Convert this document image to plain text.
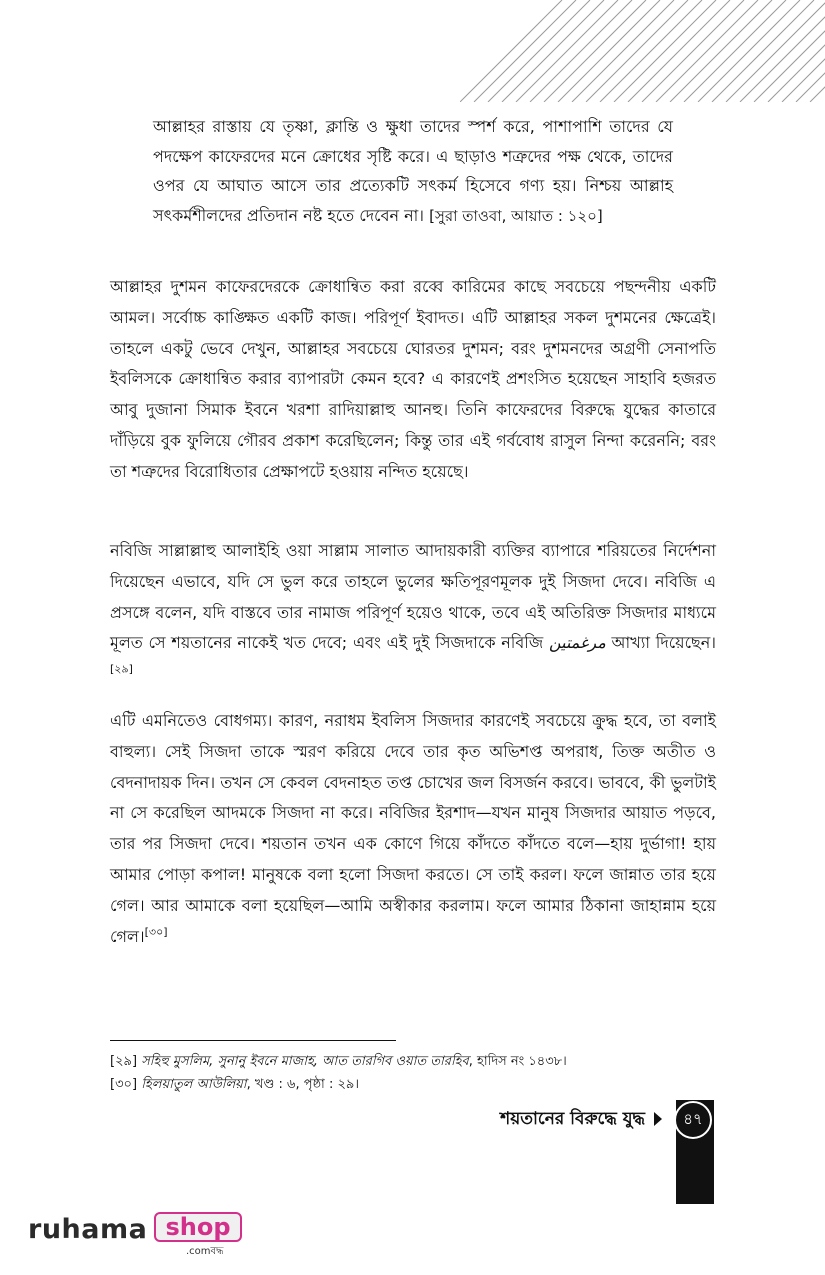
আল্লাহর রাস্তায় যে তৃষ্ণা, ক্লান্তি ও ক্ষুধা তাদের স্পর্শ করে, পাশাপাশি তাদের যে পদক্ষেপ কাফেরদের মনে ক্রোধের সৃষ্টি করে। এ ছাড়াও শত্রুদের পক্ষ থেকে, তাদের ওপর যে আঘাত আসে তার প্রত্যেকটি সৎকর্ম হিসেবে গণ্য হয়। নিশ্চয় আল্লাহ সৎকর্মশীলদের প্রতিদান নষ্ট হতে দেবেন না। [সুরা তাওবা, আয়াত : ১২০]
আল্লাহর দুশমন কাফেরদেরকে ক্রোধান্বিত করা রব্বে কারিমের কাছে সবচেয়ে পছন্দনীয় একটি আমল। সর্বোচ্চ কাঙ্ক্ষিত একটি কাজ। পরিপূর্ণ ইবাদত। এটি আল্লাহর সকল দুশমনের ক্ষেত্রেই। তাহলে একটু ভেবে দেখুন, আল্লাহর সবচেয়ে ঘোরতর দুশমন; বরং দুশমনদের অগ্রণী সেনাপতি ইবলিসকে ক্রোধান্বিত করার ব্যাপারটা কেমন হবে? এ কারণেই প্রশংসিত হয়েছেন সাহাবি হজরত আবু দুজানা সিমাক ইবনে খরশা রাদিয়াল্লাহু আনহু। তিনি কাফেরদের বিরুদ্ধে যুদ্ধের কাতারে দাঁড়িয়ে বুক ফুলিয়ে গৌরব প্রকাশ করেছিলেন; কিন্তু তার এই গর্ববোধ রাসুল নিন্দা করেননি; বরং তা শত্রুদের বিরোধিতার প্রেক্ষাপটে হওয়ায় নন্দিত হয়েছে।
নবিজি সাল্লাল্লাহু আলাইহি ওয়া সাল্লাম সালাত আদায়কারী ব্যক্তির ব্যাপারে শরিয়তের নির্দেশনা দিয়েছেন এভাবে, যদি সে ভুল করে তাহলে ভুলের ক্ষতিপূরণমূলক দুই সিজদা দেবে। নবিজি এ প্রসঙ্গে বলেন, যদি বাস্তবে তার নামাজ পরিপূর্ণ হয়েও থাকে, তবে এই অতিরিক্ত সিজদার মাধ্যমে মূলত সে শয়তানের নাকেই খত দেবে; এবং এই দুই সিজদাকে নবিজি مرغمتين আখ্যা দিয়েছেন।[২৯]
এটি এমনিতেও বোধগম্য। কারণ, নরাধম ইবলিস সিজদার কারণেই সবচেয়ে ক্রুদ্ধ হবে, তা বলাই বাহুল্য। সেই সিজদা তাকে স্মরণ করিয়ে দেবে তার কৃত অভিশপ্ত অপরাধ, তিক্ত অতীত ও বেদনাদায়ক দিন। তখন সে কেবল বেদনাহত তপ্ত চোখের জল বিসর্জন করবে। ভাববে, কী ভুলটাই না সে করেছিল আদমকে সিজদা না করে। নবিজির ইরশাদ—যখন মানুষ সিজদার আয়াত পড়বে, তার পর সিজদা দেবে। শয়তান তখন এক কোণে গিয়ে কাঁদতে কাঁদতে বলে—হায় দুর্ভাগা! হায় আমার পোড়া কপাল! মানুষকে বলা হলো সিজদা করতে। সে তাই করল। ফলে জান্নাত তার হয়ে গেল। আর আমাকে বলা হয়েছিল—আমি অস্বীকার করলাম। ফলে আমার ঠিকানা জাহান্নাম হয়ে গেল।[৩০]
[২৯] সহিহু মুসলিম, সুনানু ইবনে মাজাহ, আত তারগিব ওয়াত তারহিব, হাদিস নং ১৪৩৮।
[৩০] হিলয়াতুল আউলিয়া, খণ্ড : ৬, পৃষ্ঠা : ২৯।
শয়তানের বিরুদ্ধে যুদ্ধ	৪৭
ruhama shop
.comবদ্ধ
